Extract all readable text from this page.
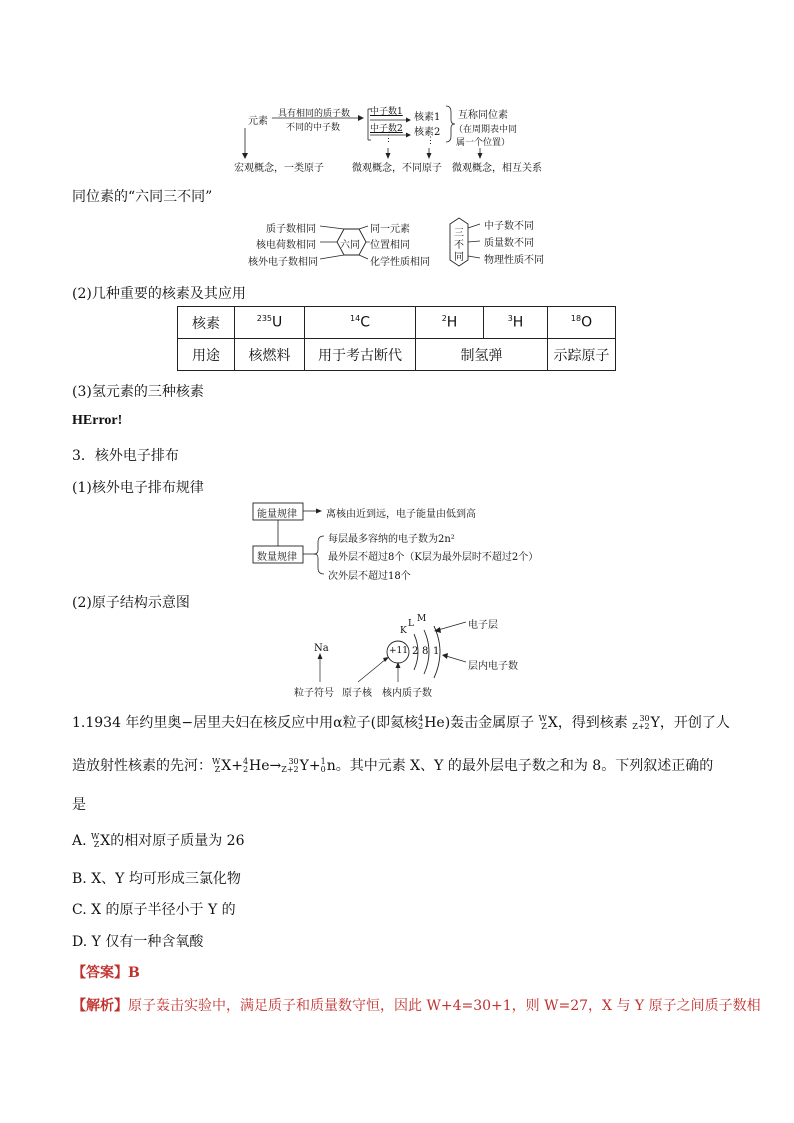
元素
具有相同的质子数
不同的中子数
中子数1
中子数2
⋮
核素1
核素2
⋮
互称同位素
（在周期表中同
属一个位置）
宏观概念，一类原子	微观概念，不同原子 微观概念，相互关系
同位素的“六同三不同”
质子数相同
核电荷数相同
核外电子数相同
六同
同一元素
位置相同
化学性质相同
三
不
同
中子数不同
质量数不同
物理性质不同
(2)几种重要的核素及其应用
核素	$^{235}$U	$^{14}$C	$^2$H	$^3$H	$^{18}$O
用途	核燃料	用于考古断代	制氢弹		示踪原子
(3)氢元素的三种核素
HError!
3．核外电子排布
(1)核外电子排布规律
能量规律	离核由近到远，电子能量由低到高
数量规律
每层最多容纳的电子数为2n²
最外层不超过8个（K层为最外层时不超过2个）
次外层不超过18个
(2)原子结构示意图
Na	+11 2 8 1
K
L M
电子层
层内电子数
粒子符号 原子核 核内质子数
1.1934 年约里奥−居里夫妇在核反应中用α粒子(即氦核 4
2 He)轰击金属原子 W
Z X，得到核素	30
Z+2 Y，开创了人
造放射性核素的先河： W
Z X+ 4
2 He→ 30
Z+2 Y+ 1
0 n。其中元素 X、Y 的最外层电子数之和为 8。下列叙述正确的
是
A. W
Z X的相对原子质量为 26
B. X、Y 均可形成三氯化物
C. X 的原子半径小于 Y 的
D. Y 仅有一种含氧酸
【答案】B
【解析】原子轰击实验中，满足质子和质量数守恒，因此 W+4=30+1，则 W=27，X 与 Y 原子之间质子数相
